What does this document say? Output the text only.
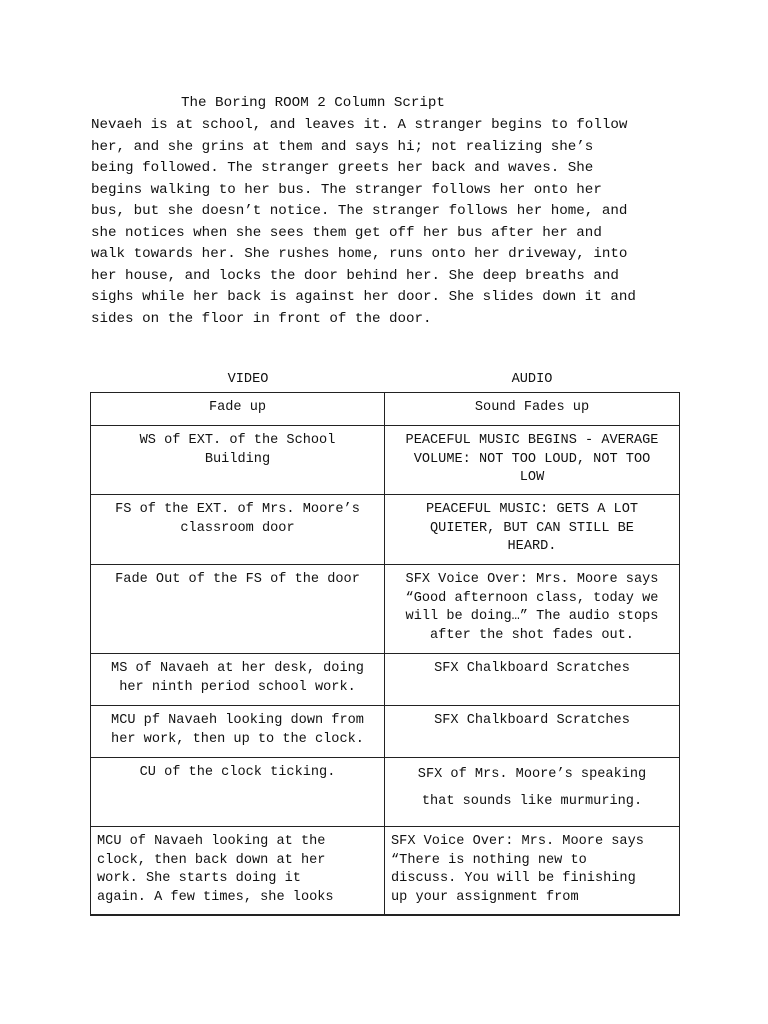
The Boring ROOM 2 Column Script
Nevaeh is at school, and leaves it. A stranger begins to follow
her, and she grins at them and says hi; not realizing she’s
being followed. The stranger greets her back and waves. She
begins walking to her bus. The stranger follows her onto her
bus, but she doesn’t notice. The stranger follows her home, and
she notices when she sees them get off her bus after her and
walk towards her. She rushes home, runs onto her driveway, into
her house, and locks the door behind her. She deep breaths and
sighs while her back is against her door. She slides down it and
sides on the floor in front of the door.
VIDEO	AUDIO
Fade up	Sound Fades up

WS of EXT. of the School
Building	PEACEFUL MUSIC BEGINS - AVERAGE
VOLUME: NOT TOO LOUD, NOT TOO
LOW

FS of the EXT. of Mrs. Moore’s
classroom door	PEACEFUL MUSIC: GETS A LOT
QUIETER, BUT CAN STILL BE
HEARD.

Fade Out of the FS of the door	SFX Voice Over: Mrs. Moore says
“Good afternoon class, today we
will be doing…” The audio stops
after the shot fades out.

MS of Navaeh at her desk, doing
her ninth period school work.	SFX Chalkboard Scratches

MCU pf Navaeh looking down from
her work, then up to the clock.	SFX Chalkboard Scratches

CU of the clock ticking.	SFX of Mrs. Moore’s speaking
that sounds like murmuring.

MCU of Navaeh looking at the
clock, then back down at her
work. She starts doing it
again. A few times, she looks	SFX Voice Over: Mrs. Moore says
“There is nothing new to
discuss. You will be finishing
up your assignment from
